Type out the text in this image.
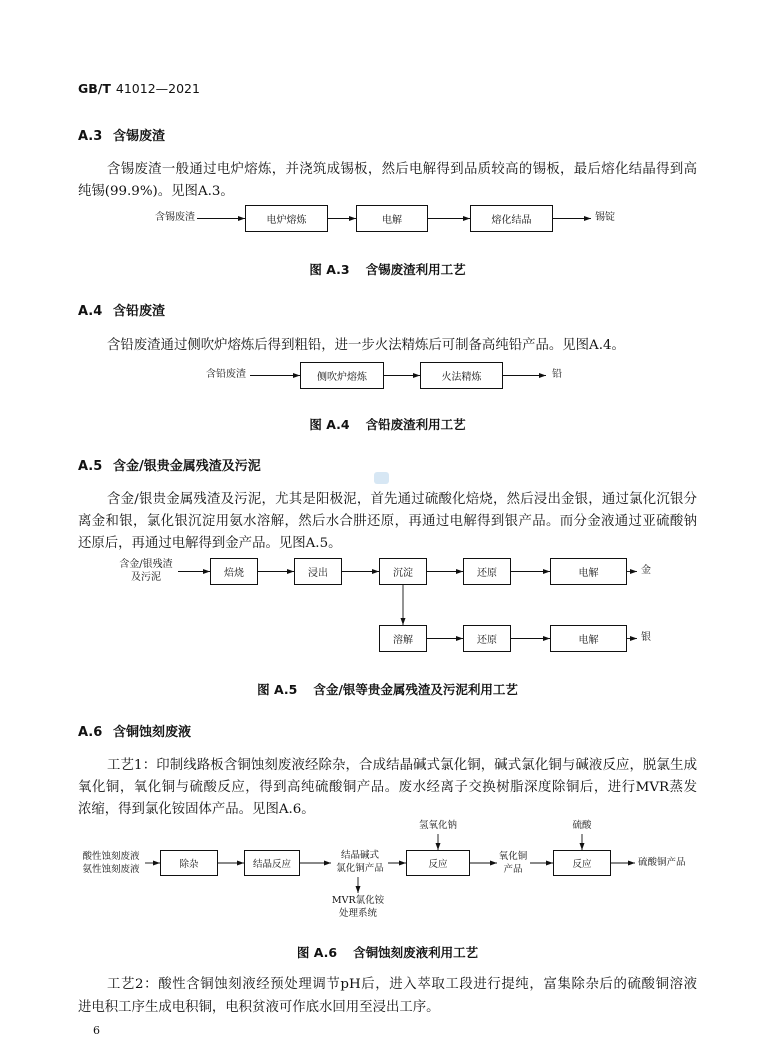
GB/T 41012—2021
A.3 含锡废渣
含锡废渣一般通过电炉熔炼，并浇筑成锡板，然后电解得到品质较高的锡板，最后熔化结晶得到高
纯锡(99.9%)。见图A.3。
含锡废渣	电炉熔炼	电解	熔化结晶	锡锭
图 A.3 含锡废渣利用工艺
A.4 含铅废渣
含铅废渣通过侧吹炉熔炼后得到粗铅，进一步火法精炼后可制备高纯铅产品。见图A.4。
含铅废渣	侧吹炉熔炼	火法精炼	铅
图 A.4 含铅废渣利用工艺
A.5 含金/银贵金属残渣及污泥
含金/银贵金属残渣及污泥，尤其是阳极泥，首先通过硫酸化焙烧，然后浸出金银，通过氯化沉银分
离金和银，氯化银沉淀用氨水溶解，然后水合肼还原，再通过电解得到银产品。而分金液通过亚硫酸钠
还原后，再通过电解得到金产品。见图A.5。
含金/银残渣
及污泥	焙烧	浸出	沉淀	还原	电解	金
溶解	还原	电解	银
图 A.5 含金/银等贵金属残渣及污泥利用工艺
A.6 含铜蚀刻废液
工艺1：印制线路板含铜蚀刻废液经除杂，合成结晶碱式氯化铜，碱式氯化铜与碱液反应，脱氯生成
氧化铜，氧化铜与硫酸反应，得到高纯硫酸铜产品。废水经离子交换树脂深度除铜后，进行MVR蒸发
浓缩，得到氯化铵固体产品。见图A.6。
氢氧化钠	硫酸
酸性蚀刻废液
氨性蚀刻废液	除杂	结晶反应
结晶碱式
氯化铜产品	反应
氧化铜
产品	反应	硫酸铜产品
MVR氯化铵
处理系统
图 A.6 含铜蚀刻废液利用工艺
工艺2：酸性含铜蚀刻液经预处理调节pH后，进入萃取工段进行提纯，富集除杂后的硫酸铜溶液
进电积工序生成电积铜，电积贫液可作底水回用至浸出工序。
6
